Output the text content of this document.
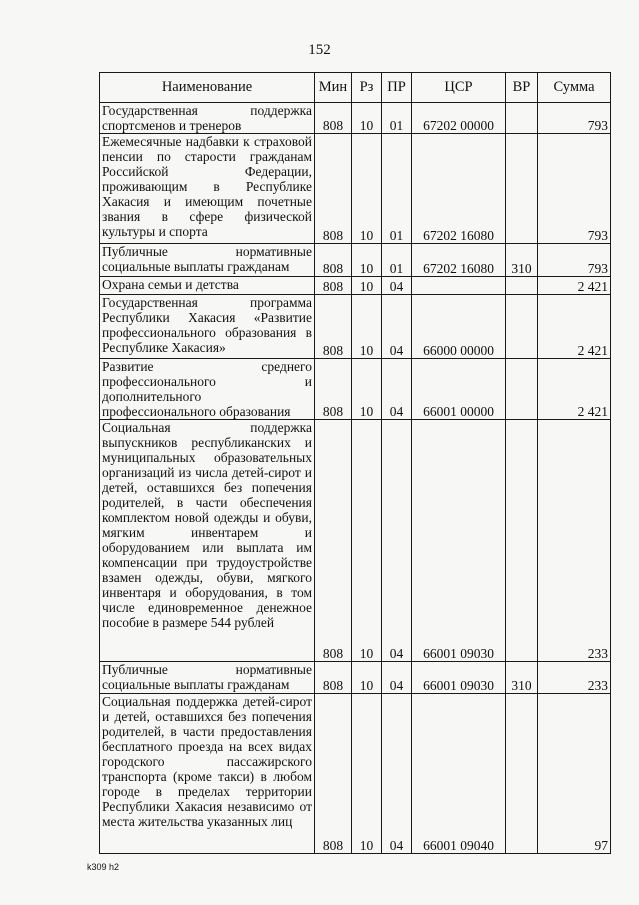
152
Наименование	Мин	Рз	ПР	ЦСР	ВР	Сумма

Государственная поддержка спортсменов и тренеров	808	10	01	67202 00000		793

Ежемесячные надбавки к страховой пенсии по старости гражданам Российской Федерации, проживающим в Республике Хакасия и имеющим почетные звания в сфере физической культуры и спорта	808	10	01	67202 16080		793

Публичные нормативные социальные выплаты гражданам	808	10	01	67202 16080	310	793

Охрана семьи и детства	808	10	04			2 421

Государственная программа Республики Хакасия «Развитие профессионального образования в Республике Хакасия»	808	10	04	66000 00000		2 421

Развитие среднего профессионального и дополнительного профессионального образования	808	10	04	66001 00000		2 421

Социальная поддержка выпускников республиканских и муниципальных образовательных организаций из числа детей-сирот и детей, оставшихся без попечения родителей, в части обеспечения комплектом новой одежды и обуви, мягким инвентарем и оборудованием или выплата им компенсации при трудоустройстве взамен одежды, обуви, мягкого инвентаря и оборудования, в том числе единовременное денежное пособие в размере 544 рублей	808	10	04	66001 09030		233

Публичные нормативные социальные выплаты гражданам	808	10	04	66001 09030	310	233

Социальная поддержка детей-сирот и детей, оставшихся без попечения родителей, в части предоставления бесплатного проезда на всех видах городского пассажирского транспорта (кроме такси) в любом городе в пределах территории Республики Хакасия независимо от места жительства указанных лиц	808	10	04	66001 09040		97
k309 h2
